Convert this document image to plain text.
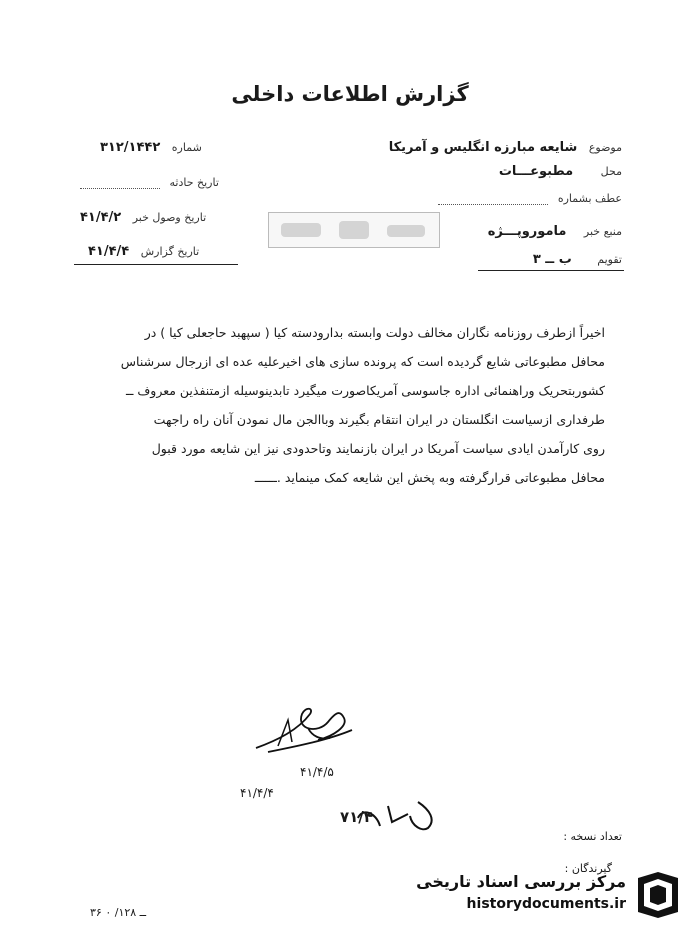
گزارش اطلاعات داخلی
موضوع شایعه مبارزه انگلیس و آمریکا
محل مطبوعـــات
عطف بشماره
منبع خبر ماموروپـــژه
تقویم ب ــ ۳
شماره ۳۱۲/۱۴۴۲
تاریخ حادثه
تاریخ وصول خبر ۴۱/۴/۲
تاریخ گزارش ۴۱/۴/۴

اخیراً ازطرف روزنامه نگاران مخالف دولت وابسته بدارودسته کیا ( سپهبد حاجعلی کیا ) در

محافل مطبوعاتی شایع گردیده است که پرونده سازی های اخیرعلیه عده ای ازرجال سرشناس

کشوربتحریک وراهنمائی اداره جاسوسی آمریکاصورت میگیرد تابدینوسیله ازمتنفذین معروف ــ

طرفداری ازسیاست انگلستان در ایران انتقام بگیرند وباالجن مال نمودن آنان راه راجهت

روی کارآمدن ایادی سیاست آمریکا در ایران بازنمایند وتاحدودی نیز این شایعه مورد قبول

محافل مطبوعاتی قرارگرفته وبه پخش این شایعه کمک مینماید .ــــــ

۴۱/۴/۵
۴۱/۴/۴
۷۱/۴
تعداد نسخه :
گیرندگان :
۳۶ ــ ۱۲۸/ ۰
مرکز بررسی اسناد تاریخی
historydocuments.ir
